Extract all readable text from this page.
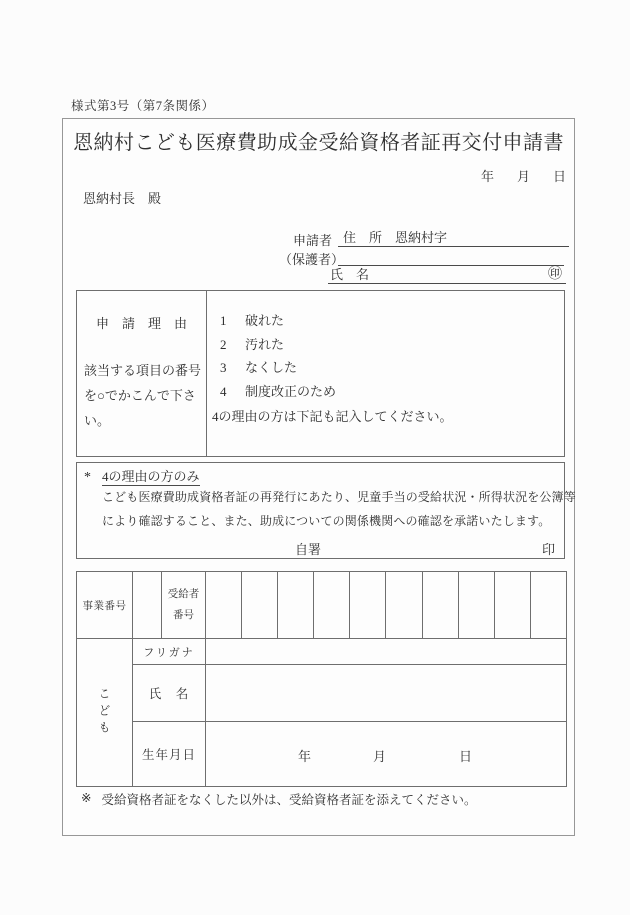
様式第3号（第7条関係）
恩納村こども医療費助成金受給資格者証再交付申請書
年 月 日
恩納村長　殿
申請者
（保護者）
住　所　恩納村字
氏　名	㊞
申　請　理　由
該当する項目の番号を○でかこんで下さい。
1 破れた
2 汚れた
3 なくした
4 制度改正のため
4の理由の方は下記も記入してください。
* 4の理由の方のみ
こども医療費助成資格者証の再発行にあたり、児童手当の受給状況・所得状況を公簿等
により確認すること、また、助成についての関係機関への確認を承諾いたします。
自署	印
事業番号		受給者
番号										

こども	フリガナ											
	氏　名											
	生年月日		年 月 日									
※ 受給資格者証をなくした以外は、受給資格者証を添えてください。
